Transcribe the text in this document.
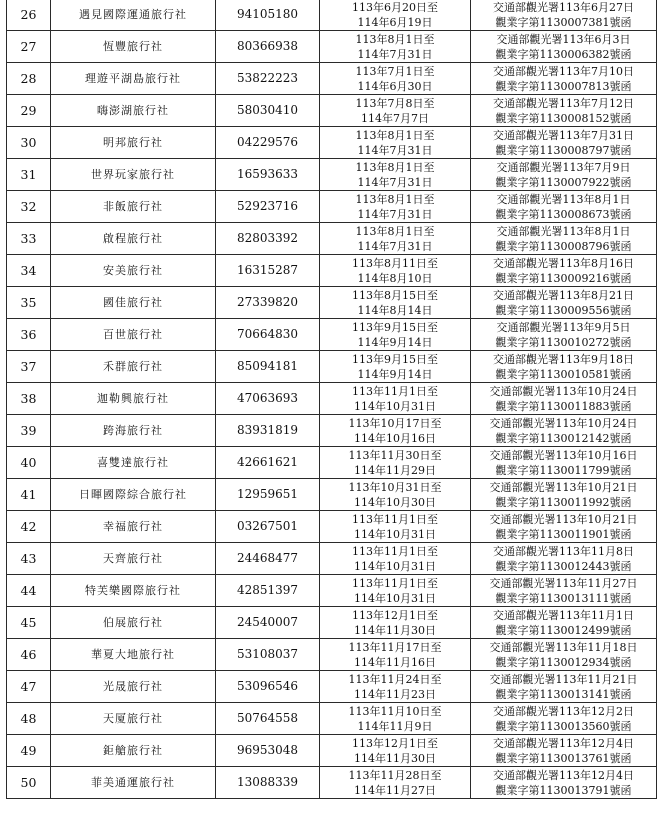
26	遇見國際運通旅行社	94105180	113年6月20日至
114年6月19日	交通部觀光署113年6月27日
觀業字第1130007381號函

27	恆豐旅行社	80366938	113年8月1日至
114年7月31日	交通部觀光署113年6月3日
觀業字第1130006382號函

28	理遊平湖島旅行社	53822223	113年7月1日至
114年6月30日	交通部觀光署113年7月10日
觀業字第1130007813號函

29	嗨澎湖旅行社	58030410	113年7月8日至
114年7月7日	交通部觀光署113年7月12日
觀業字第1130008152號函

30	明邦旅行社	04229576	113年8月1日至
114年7月31日	交通部觀光署113年7月31日
觀業字第1130008797號函

31	世界玩家旅行社	16593633	113年8月1日至
114年7月31日	交通部觀光署113年7月9日
觀業字第1130007922號函

32	非飯旅行社	52923716	113年8月1日至
114年7月31日	交通部觀光署113年8月1日
觀業字第1130008673號函

33	啟程旅行社	82803392	113年8月1日至
114年7月31日	交通部觀光署113年8月1日
觀業字第1130008796號函

34	安美旅行社	16315287	113年8月11日至
114年8月10日	交通部觀光署113年8月16日
觀業字第1130009216號函

35	國佳旅行社	27339820	113年8月15日至
114年8月14日	交通部觀光署113年8月21日
觀業字第1130009556號函

36	百世旅行社	70664830	113年9月15日至
114年9月14日	交通部觀光署113年9月5日
觀業字第1130010272號函

37	禾群旅行社	85094181	113年9月15日至
114年9月14日	交通部觀光署113年9月18日
觀業字第1130010581號函

38	迦勒興旅行社	47063693	113年11月1日至
114年10月31日	交通部觀光署113年10月24日
觀業字第1130011883號函

39	跨海旅行社	83931819	113年10月17日至
114年10月16日	交通部觀光署113年10月24日
觀業字第1130012142號函

40	喜雙達旅行社	42661621	113年11月30日至
114年11月29日	交通部觀光署113年10月16日
觀業字第1130011799號函

41	日暉國際綜合旅行社	12959651	113年10月31日至
114年10月30日	交通部觀光署113年10月21日
觀業字第1130011992號函

42	幸福旅行社	03267501	113年11月1日至
114年10月31日	交通部觀光署113年10月21日
觀業字第1130011901號函

43	天齊旅行社	24468477	113年11月1日至
114年10月31日	交通部觀光署113年11月8日
觀業字第1130012443號函

44	特芙樂國際旅行社	42851397	113年11月1日至
114年10月31日	交通部觀光署113年11月27日
觀業字第1130013111號函

45	伯展旅行社	24540007	113年12月1日至
114年11月30日	交通部觀光署113年11月1日
觀業字第1130012499號函

46	華夏大地旅行社	53108037	113年11月17日至
114年11月16日	交通部觀光署113年11月18日
觀業字第1130012934號函

47	光晟旅行社	53096546	113年11月24日至
114年11月23日	交通部觀光署113年11月21日
觀業字第1130013141號函

48	天厦旅行社	50764558	113年11月10日至
114年11月9日	交通部觀光署113年12月2日
觀業字第1130013560號函

49	鉅艙旅行社	96953048	113年12月1日至
114年11月30日	交通部觀光署113年12月4日
觀業字第1130013761號函

50	菲美通運旅行社	13088339	113年11月28日至
114年11月27日	交通部觀光署113年12月4日
觀業字第1130013791號函
